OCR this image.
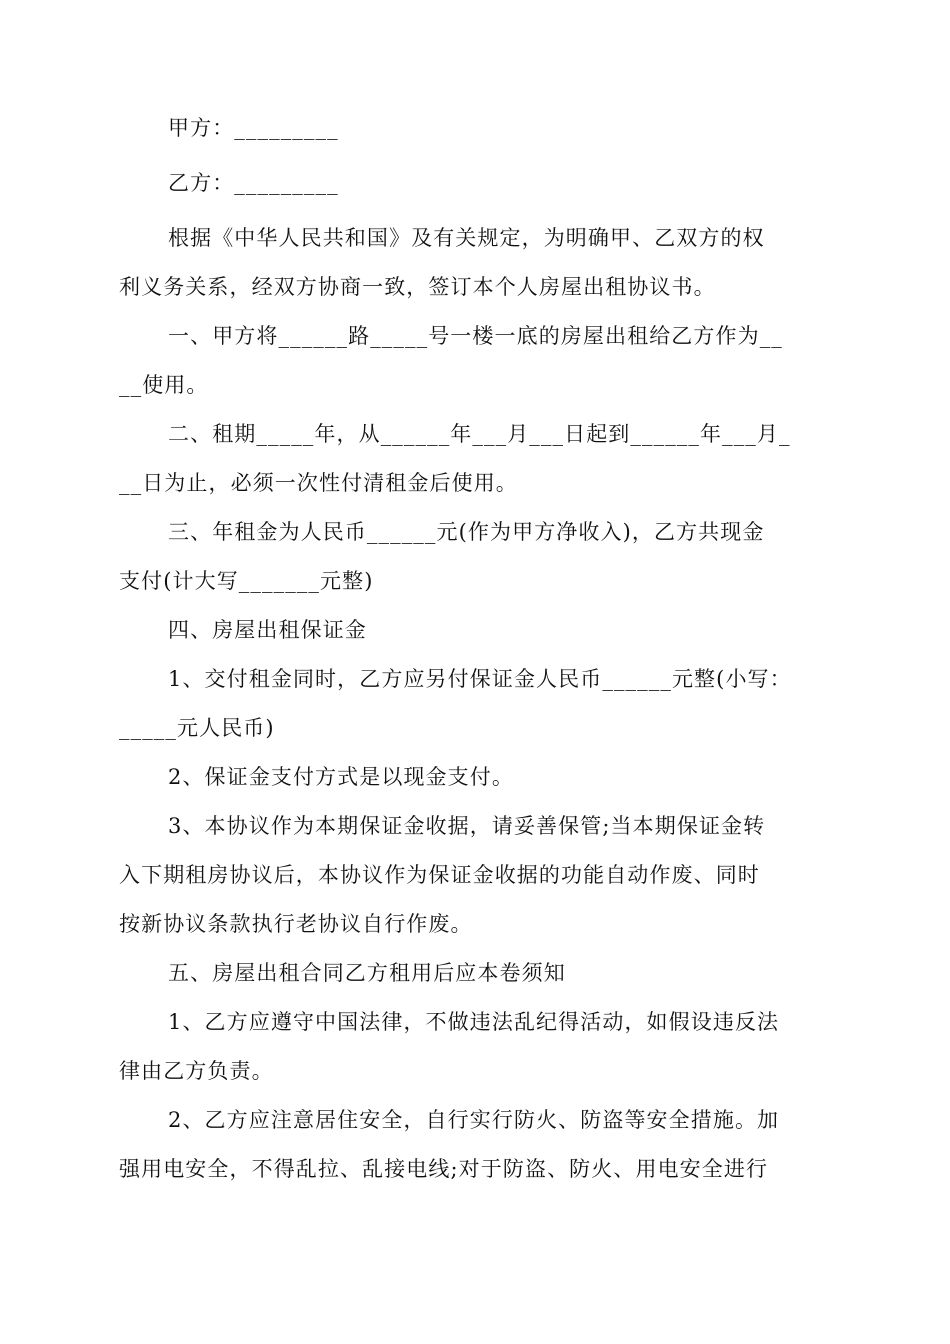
甲方：_________
乙方：_________
根据《中华人民共和国》及有关规定，为明确甲、乙双方的权
利义务关系，经双方协商一致，签订本个人房屋出租协议书。
一、甲方将______路_____号一楼一底的房屋出租给乙方作为__
__使用。
二、租期_____年，从______年___月___日起到______年___月_
__日为止，必须一次性付清租金后使用。
三、年租金为人民币______元(作为甲方净收入)，乙方共现金
支付(计大写_______元整)
四、房屋出租保证金
1、交付租金同时，乙方应另付保证金人民币______元整(小写：
_____元人民币)
2、保证金支付方式是以现金支付。
3、本协议作为本期保证金收据，请妥善保管;当本期保证金转
入下期租房协议后，本协议作为保证金收据的功能自动作废、同时
按新协议条款执行老协议自行作废。
五、房屋出租合同乙方租用后应本卷须知
1、乙方应遵守中国法律，不做违法乱纪得活动，如假设违反法
律由乙方负责。
2、乙方应注意居住安全，自行实行防火、防盗等安全措施。加
强用电安全，不得乱拉、乱接电线;对于防盗、防火、用电安全进行
